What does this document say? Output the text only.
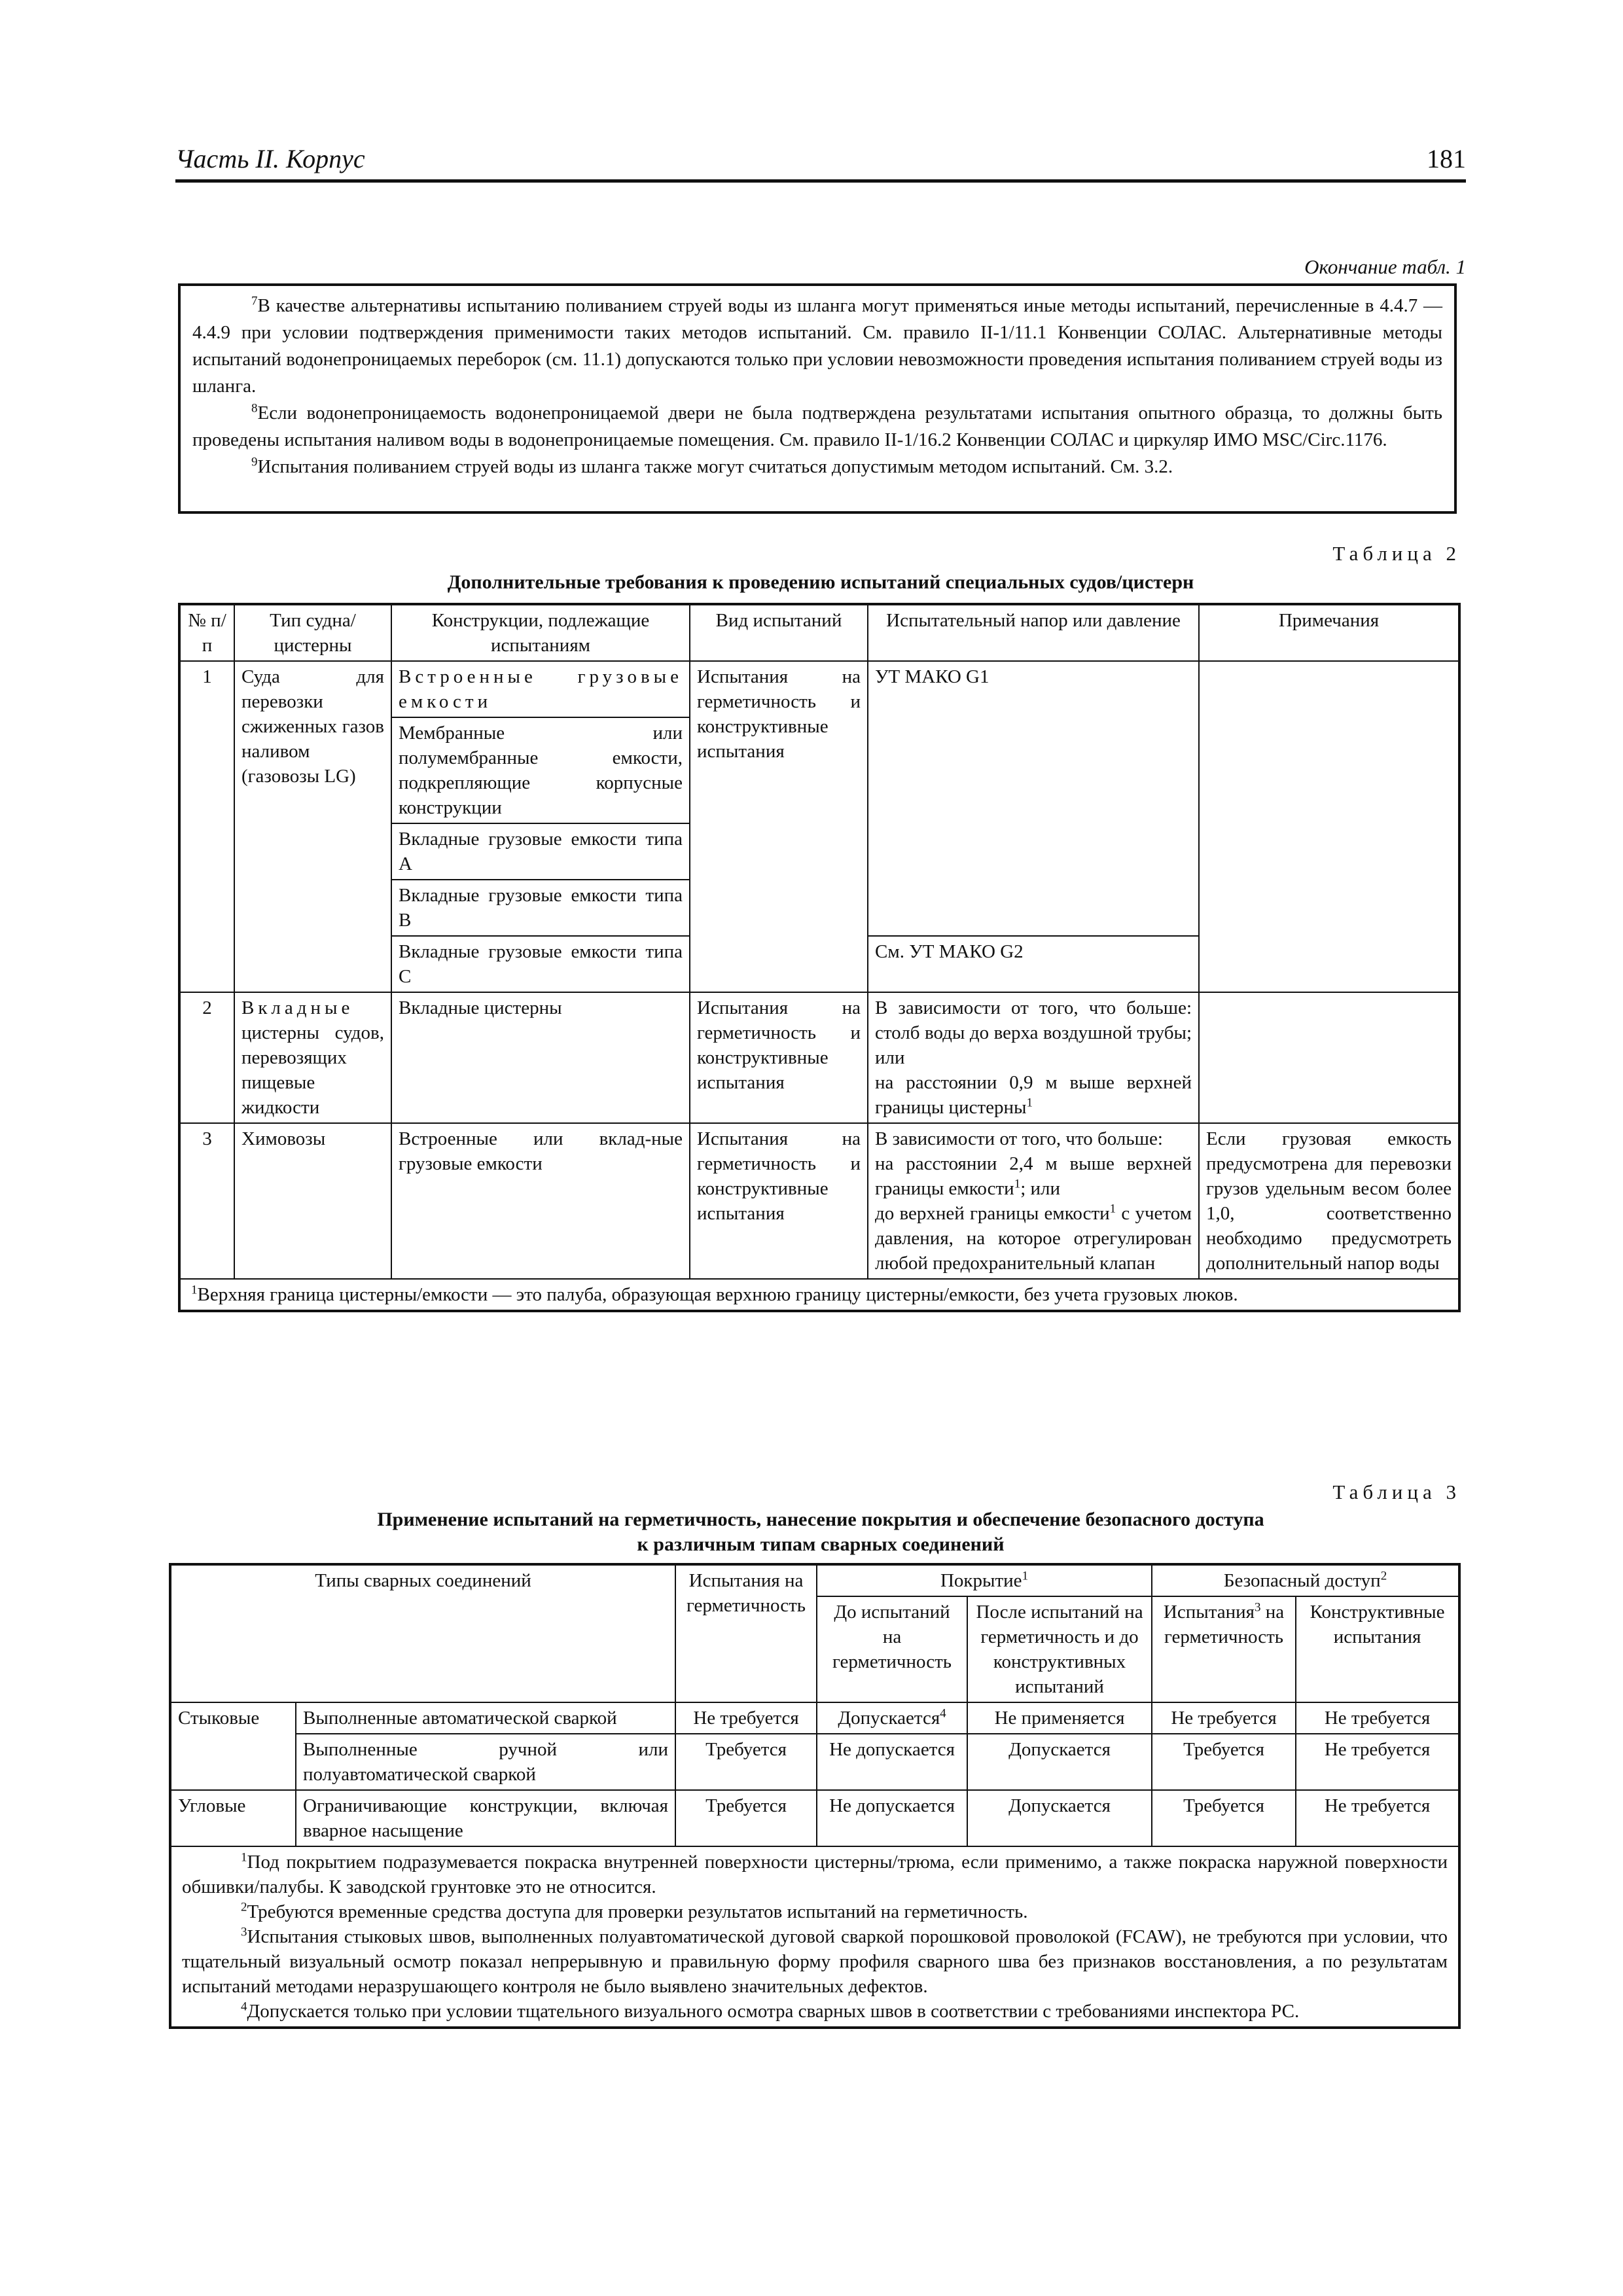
Часть II. Корпус	181
Окончание табл. 1

$^7$В качестве альтернативы испытанию поливанием струей воды из шланга могут применяться иные методы испытаний, перечисленные в 4.4.7 — 4.4.9 при условии подтверждения применимости таких методов испытаний. См. правило II-1/11.1 Конвенции СОЛАС. Альтернативные методы испытаний водонепроницаемых переборок (см. 11.1) допускаются только при условии невозможности проведения испытания поливанием струей воды из шланга.

$^8$Если водонепроницаемость водонепроницаемой двери не была подтверждена результатами испытания опытного образца, то должны быть проведены испытания наливом воды в водонепроницаемые помещения. См. правило II-1/16.2 Конвенции СОЛАС и циркуляр ИМО MSC/Circ.1176.

$^9$Испытания поливанием струей воды из шланга также могут считаться допустимым методом испытаний. См. 3.2.

Таблица 2
Дополнительные требования к проведению испытаний специальных судов/цистерн
№ п/п	Тип судна/цистерны	Конструкции, подлежащие испытаниям	Вид испытаний	Испытательный напор или давление	Примечания
1	Суда для перевозки сжиженных газов наливом (газовозы LG)	Встроенные грузовые емкости	Испытания на герметичность и конструктивные испытания	УТ МАКО G1	
		Мембранные или полумембранные емкости, подкрепляющие корпусные конструкции			
		Вкладные грузовые емкости типа А			
		Вкладные грузовые емкости типа В			
		Вкладные грузовые емкости типа С		См. УТ МАКО G2	
2	Вкладные цистерны судов, перевозящих пищевые жидкости	Вкладные цистерны	Испытания на герметичность и конструктивные испытания	В зависимости от того, что больше: столб воды до верха воздушной трубы; или
на расстоянии 0,9 м выше верхней границы цистерны$^1$	
3	Химовозы	Встроенные или вклад-ные грузовые емкости	Испытания на герметичность и конструктивные испытания	В зависимости от того, что больше:
на расстоянии 2,4 м выше верхней границы емкости$^1$; или
до верхней границы емкости$^1$ с учетом давления, на которое отрегулирован любой предохранительный клапан	Если грузовая емкость предусмотрена для перевозки грузов удельным весом более 1,0, соответственно необходимо предусмотреть дополнительный напор воды

$^1$Верхняя граница цистерны/емкости — это палуба, образующая верхнюю границу цистерны/емкости, без учета грузовых люков.					

Таблица 3
Применение испытаний на герметичность, нанесение покрытия и обеспечение безопасного доступа
к различным типам сварных соединений
Типы сварных соединений		Испытания на герметичность	Покрытие$^1$		Безопасный доступ$^2$
			До испытаний на герметичность	После испытаний на герметичность и до конструктивных испытаний	Испытания$^3$ на герметичность	Конструктивные испытания
Стыковые	Выполненные автоматической сваркой	Не требуется	Допускается$^4$	Не применяется	Не требуется	Не требуется
	Выполненные ручной или полуавтоматической сваркой	Требуется	Не допускается	Допускается	Требуется	Не требуется
Угловые	Ограничивающие конструкции, включая вварное насыщение	Требуется	Не допускается	Допускается	Требуется	Не требуется

$^1$Под покрытием подразумевается покраска внутренней поверхности цистерны/трюма, если применимо, а также покраска наружной поверхности обшивки/палубы. К заводской грунтовке это не относится.

$^2$Требуются временные средства доступа для проверки результатов испытаний на герметичность.

$^3$Испытания стыковых швов, выполненных полуавтоматической дуговой сваркой порошковой проволокой (FCAW), не требуются при условии, что тщательный визуальный осмотр показал непрерывную и правильную форму профиля сварного шва без признаков восстановления, а по результатам испытаний методами неразрушающего контроля не было выявлено значительных дефектов.

$^4$Допускается только при условии тщательного визуального осмотра сварных швов в соответствии с требованиями инспектора РС.						
